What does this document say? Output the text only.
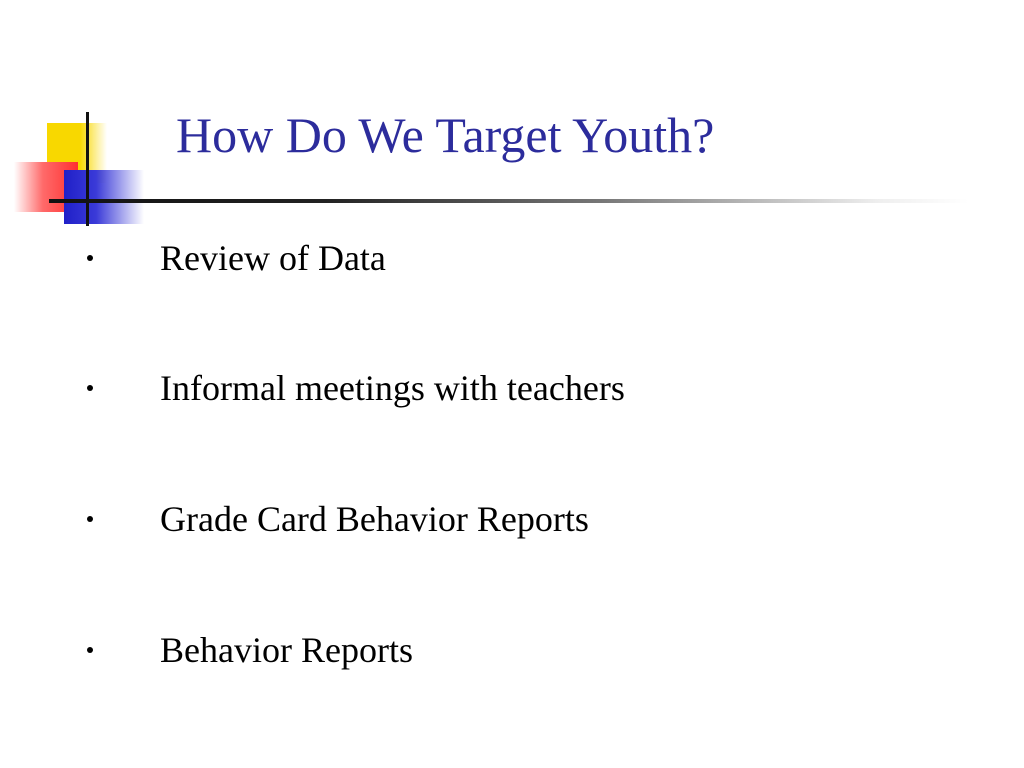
How Do We Target Youth?
Review of Data
Informal meetings with teachers
Grade Card Behavior Reports
Behavior Reports
